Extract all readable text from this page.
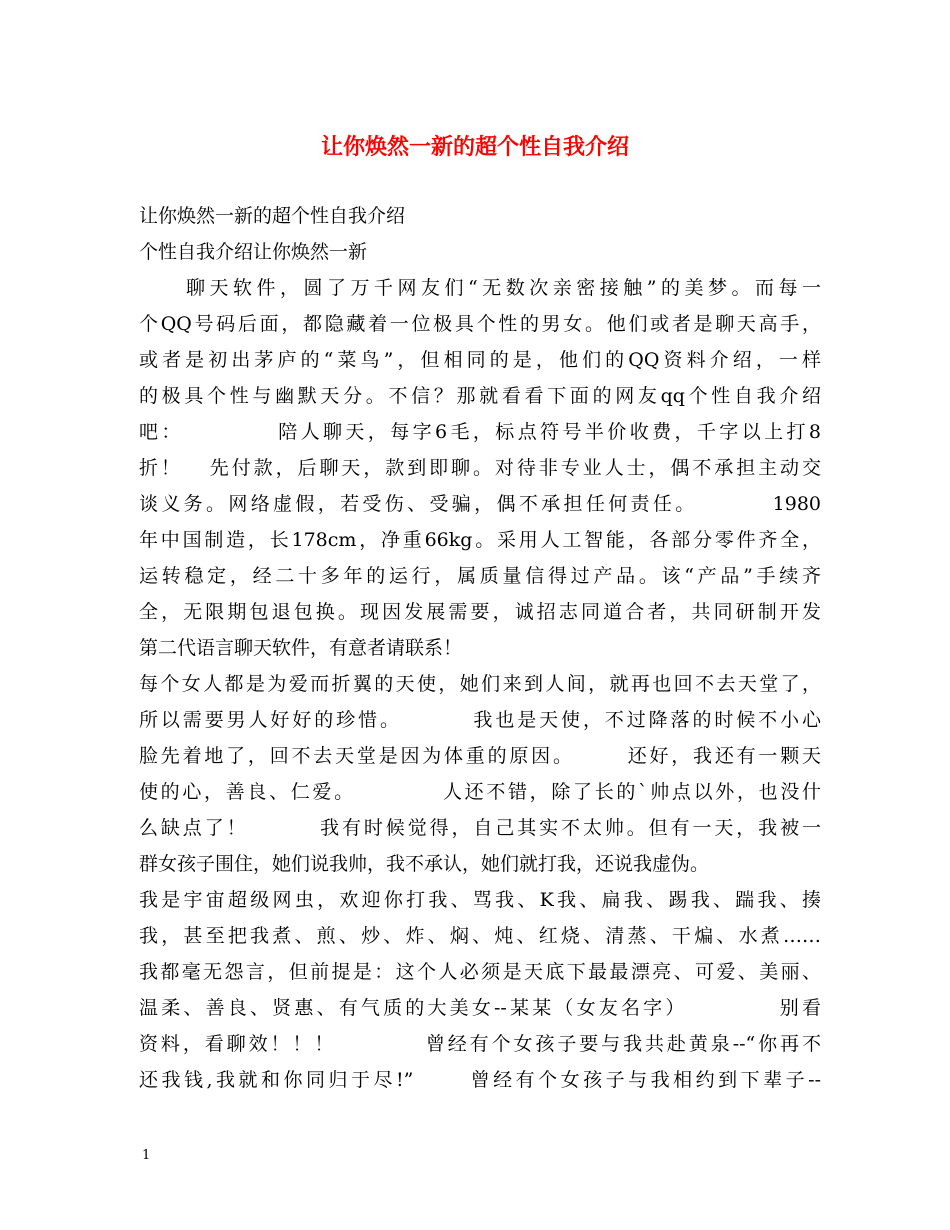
让你焕然一新的超个性自我介绍
让你焕然一新的超个性自我介绍
个性自我介绍让你焕然一新
　　聊天软件，圆了万千网友们“无数次亲密接触”的美梦。而每一
个QQ号码后面，都隐藏着一位极具个性的男女。他们或者是聊天高手，
或者是初出茅庐的“菜鸟”，但相同的是，他们的QQ资料介绍，一样
的极具个性与幽默天分。不信？那就看看下面的网友qq个性自我介绍
吧：          陪人聊天，每字6毛，标点符号半价收费，千字以上打8
折！   先付款，后聊天，款到即聊。对待非专业人士，偶不承担主动交
谈义务。网络虚假，若受伤、受骗，偶不承担任何责任。        1980
年中国制造，长178cm，净重66kg。采用人工智能，各部分零件齐全，
运转稳定，经二十多年的运行，属质量信得过产品。该“产品”手续齐
全，无限期包退包换。现因发展需要，诚招志同道合者，共同研制开发
第二代语言聊天软件，有意者请联系！
每个女人都是为爱而折翼的天使，她们来到人间，就再也回不去天堂了，
所以需要男人好好的珍惜。        我也是天使，不过降落的时候不小心
脸先着地了，回不去天堂是因为体重的原因。      还好，我还有一颗天
使的心，善良、仁爱。          人还不错，除了长的`帅点以外，也没什
么缺点了！        我有时候觉得，自己其实不太帅。但有一天，我被一
群女孩子围住，她们说我帅，我不承认，她们就打我，还说我虚伪。
我是宇宙超级网虫，欢迎你打我、骂我、K我、扁我、踢我、踹我、揍
我，甚至把我煮、煎、炒、炸、焖、炖、红烧、清蒸、干煸、水煮……
我都毫无怨言，但前提是：这个人必须是天底下最最漂亮、可爱、美丽、
温柔、善良、贤惠、有气质的大美女--某某（女友名字）          别看
资料，看聊效！！！          曾经有个女孩子要与我共赴黄泉--“你再不
还我钱,我就和你同归于尽!”      曾经有个女孩子与我相约到下辈子--
1
